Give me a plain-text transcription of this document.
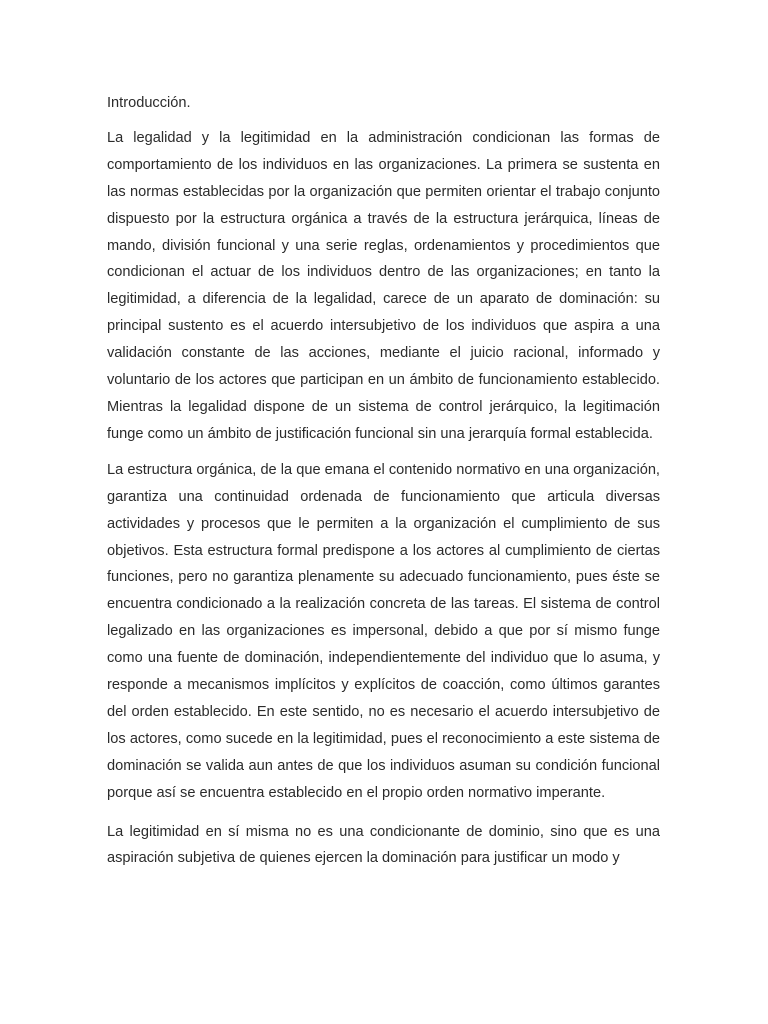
Introducción.

La legalidad y la legitimidad en la administración condicionan las formas de comportamiento de los individuos en las organizaciones. La primera se sustenta en las normas establecidas por la organización que permiten orientar el trabajo conjunto dispuesto por la estructura orgánica a través de la estructura jerárquica, líneas de mando, división funcional y una serie reglas, ordenamientos y procedimientos que condicionan el actuar de los individuos dentro de las organizaciones; en tanto la legitimidad, a diferencia de la legalidad, carece de un aparato de dominación: su principal sustento es el acuerdo intersubjetivo de los individuos que aspira a una validación constante de las acciones, mediante el juicio racional, informado y voluntario de los actores que participan en un ámbito de funcionamiento establecido. Mientras la legalidad dispone de un sistema de control jerárquico, la legitimación funge como un ámbito de justificación funcional sin una jerarquía formal establecida.

La estructura orgánica, de la que emana el contenido normativo en una organización, garantiza una continuidad ordenada de funcionamiento que articula diversas actividades y procesos que le permiten a la organización el cumplimiento de sus objetivos. Esta estructura formal predispone a los actores al cumplimiento de ciertas funciones, pero no garantiza plenamente su adecuado funcionamiento, pues éste se encuentra condicionado a la realización concreta de las tareas. El sistema de control legalizado en las organizaciones es impersonal, debido a que por sí mismo funge como una fuente de dominación, independientemente del individuo que lo asuma, y responde a mecanismos implícitos y explícitos de coacción, como últimos garantes del orden establecido. En este sentido, no es necesario el acuerdo intersubjetivo de los actores, como sucede en la legitimidad, pues el reconocimiento a este sistema de dominación se valida aun antes de que los individuos asuman su condición funcional porque así se encuentra establecido en el propio orden normativo imperante.

La legitimidad en sí misma no es una condicionante de dominio, sino que es una aspiración subjetiva de quienes ejercen la dominación para justificar un modo y
